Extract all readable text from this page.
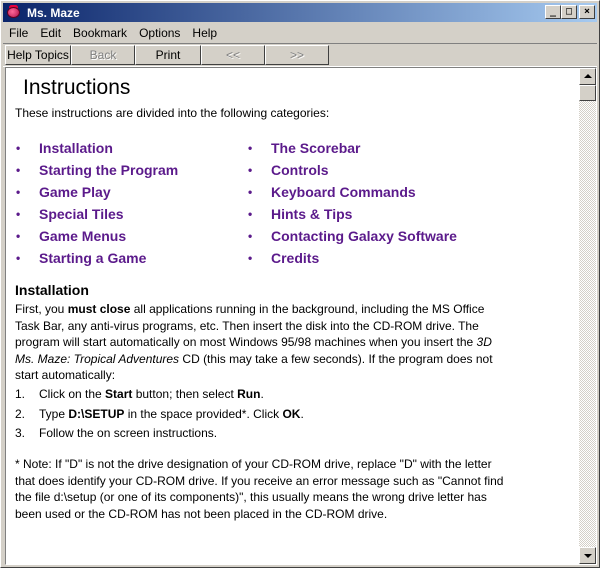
Ms. Maze	_ □	×
File	Edit	Bookmark	Options	Help
Help Topics	Back	Print	<<	>>
Instructions
These instructions are divided into the following categories:
•	Installation
•	Starting the Program
•	Game Play
•	Special Tiles
•	Game Menus
•	Starting a Game
•	The Scorebar
•	Controls
•	Keyboard Commands
•	Hints & Tips
•	Contacting Galaxy Software
•	Credits
Installation

First, you must close all applications running in the background, including the MS Office Task Bar, any anti-virus programs, etc. Then insert the disk into the CD-ROM drive. The program will start automatically on most Windows 95/98 machines when you insert the 3D Ms. Maze: Tropical Adventures CD (this may take a few seconds). If the program does not start automatically:

1.	Click on the Start button; then select Run.
2.	Type D:\SETUP in the space provided*. Click OK.
3.	Follow the on screen instructions.

* Note: If "D" is not the drive designation of your CD-ROM drive, replace "D" with the letter that does identify your CD-ROM drive. If you receive an error message such as "Cannot find the file d:\setup (or one of its components)", this usually means the wrong drive letter has been used or the CD-ROM has not been placed in the CD-ROM drive.
